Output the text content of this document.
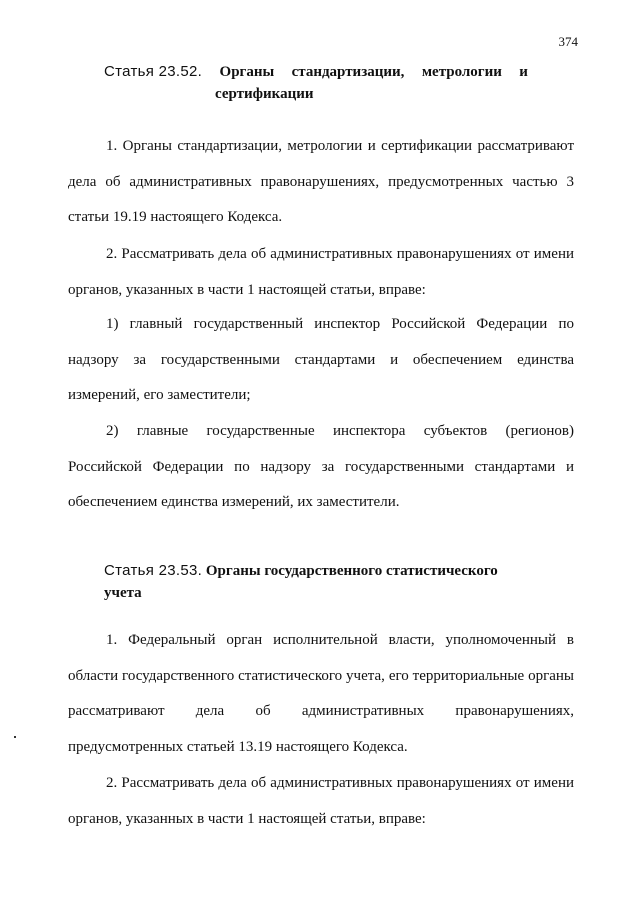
374
Статья 23.52. Органы стандартизации, метрологии и
сертификации
1. Органы стандартизации, метрологии и сертификации рассматривают дела об административных правонарушениях, предусмотренных частью 3 статьи 19.19 настоящего Кодекса.
2. Рассматривать дела об административных правонарушениях от имени органов, указанных в части 1 настоящей статьи, вправе:
1) главный государственный инспектор Российской Федерации по надзору за государственными стандартами и обеспечением единства измерений, его заместители;
2) главные государственные инспектора субъектов (регионов) Российской Федерации по надзору за государственными стандартами и обеспечением единства измерений, их заместители.
Статья 23.53. Органы государственного статистического учета
1. Федеральный орган исполнительной власти, уполномоченный в области государственного статистического учета, его территориальные органы рассматривают дела об административных правонарушениях, предусмотренных статьей 13.19 настоящего Кодекса.
2. Рассматривать дела об административных правонарушениях от имени органов, указанных в части 1 настоящей статьи, вправе:
